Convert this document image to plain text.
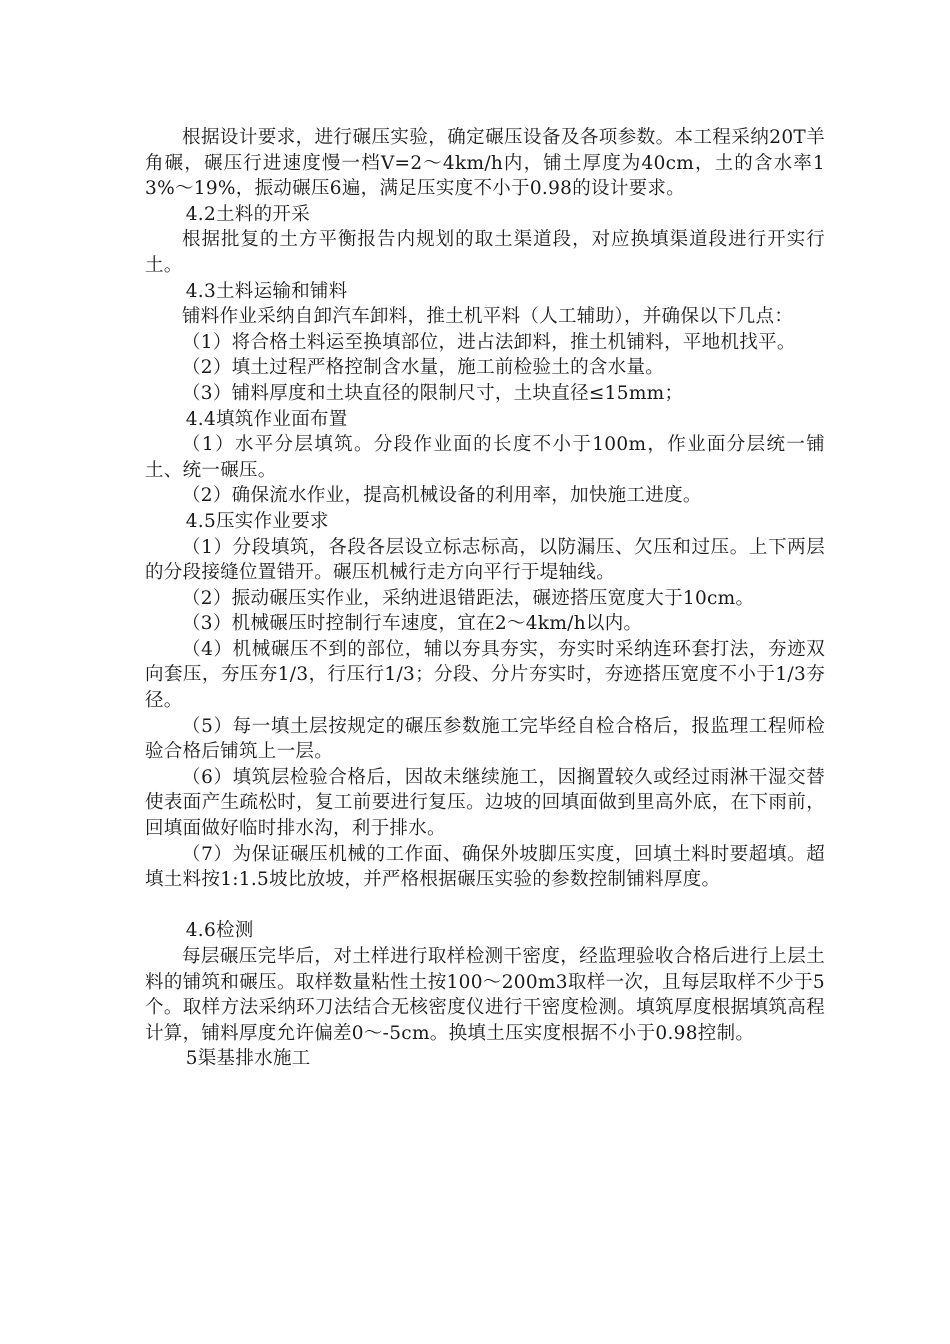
根据设计要求，进行碾压实验，确定碾压设备及各项参数。本工程采纳20T羊角碾，碾压行进速度慢一档V=2～4km/h内，铺土厚度为40cm，土的含水率13%～19%，振动碾压6遍，满足压实度不小于0.98的设计要求。

4.2土料的开采

根据批复的土方平衡报告内规划的取土渠道段，对应换填渠道段进行开实行土。

4.3土料运输和铺料

铺料作业采纳自卸汽车卸料，推土机平料（人工辅助），并确保以下几点：

（1）将合格土料运至换填部位，进占法卸料，推土机铺料，平地机找平。

（2）填土过程严格控制含水量，施工前检验土的含水量。

（3）铺料厚度和土块直径的限制尺寸，土块直径≤15mm；

4.4填筑作业面布置

（1）水平分层填筑。分段作业面的长度不小于100m，作业面分层统一铺土、统一碾压。

（2）确保流水作业，提高机械设备的利用率，加快施工进度。

4.5压实作业要求

（1）分段填筑，各段各层设立标志标高，以防漏压、欠压和过压。上下两层的分段接缝位置错开。碾压机械行走方向平行于堤轴线。

（2）振动碾压实作业，采纳进退错距法，碾迹搭压宽度大于10cm。

（3）机械碾压时控制行车速度，宜在2～4km/h以内。

（4）机械碾压不到的部位，辅以夯具夯实，夯实时采纳连环套打法，夯迹双向套压，夯压夯1/3，行压行1/3；分段、分片夯实时，夯迹搭压宽度不小于1/3夯径。

（5）每一填土层按规定的碾压参数施工完毕经自检合格后，报监理工程师检验合格后铺筑上一层。

（6）填筑层检验合格后，因故未继续施工，因搁置较久或经过雨淋干湿交替使表面产生疏松时，复工前要进行复压。边坡的回填面做到里高外底，在下雨前，回填面做好临时排水沟，利于排水。

（7）为保证碾压机械的工作面、确保外坡脚压实度，回填土料时要超填。超填土料按1:1.5坡比放坡，并严格根据碾压实验的参数控制铺料厚度。

4.6检测

每层碾压完毕后，对土样进行取样检测干密度，经监理验收合格后进行上层土料的铺筑和碾压。取样数量粘性土按100～200m3取样一次，且每层取样不少于5个。取样方法采纳环刀法结合无核密度仪进行干密度检测。填筑厚度根据填筑高程计算，铺料厚度允许偏差0～-5cm。换填土压实度根据不小于0.98控制。

5渠基排水施工
